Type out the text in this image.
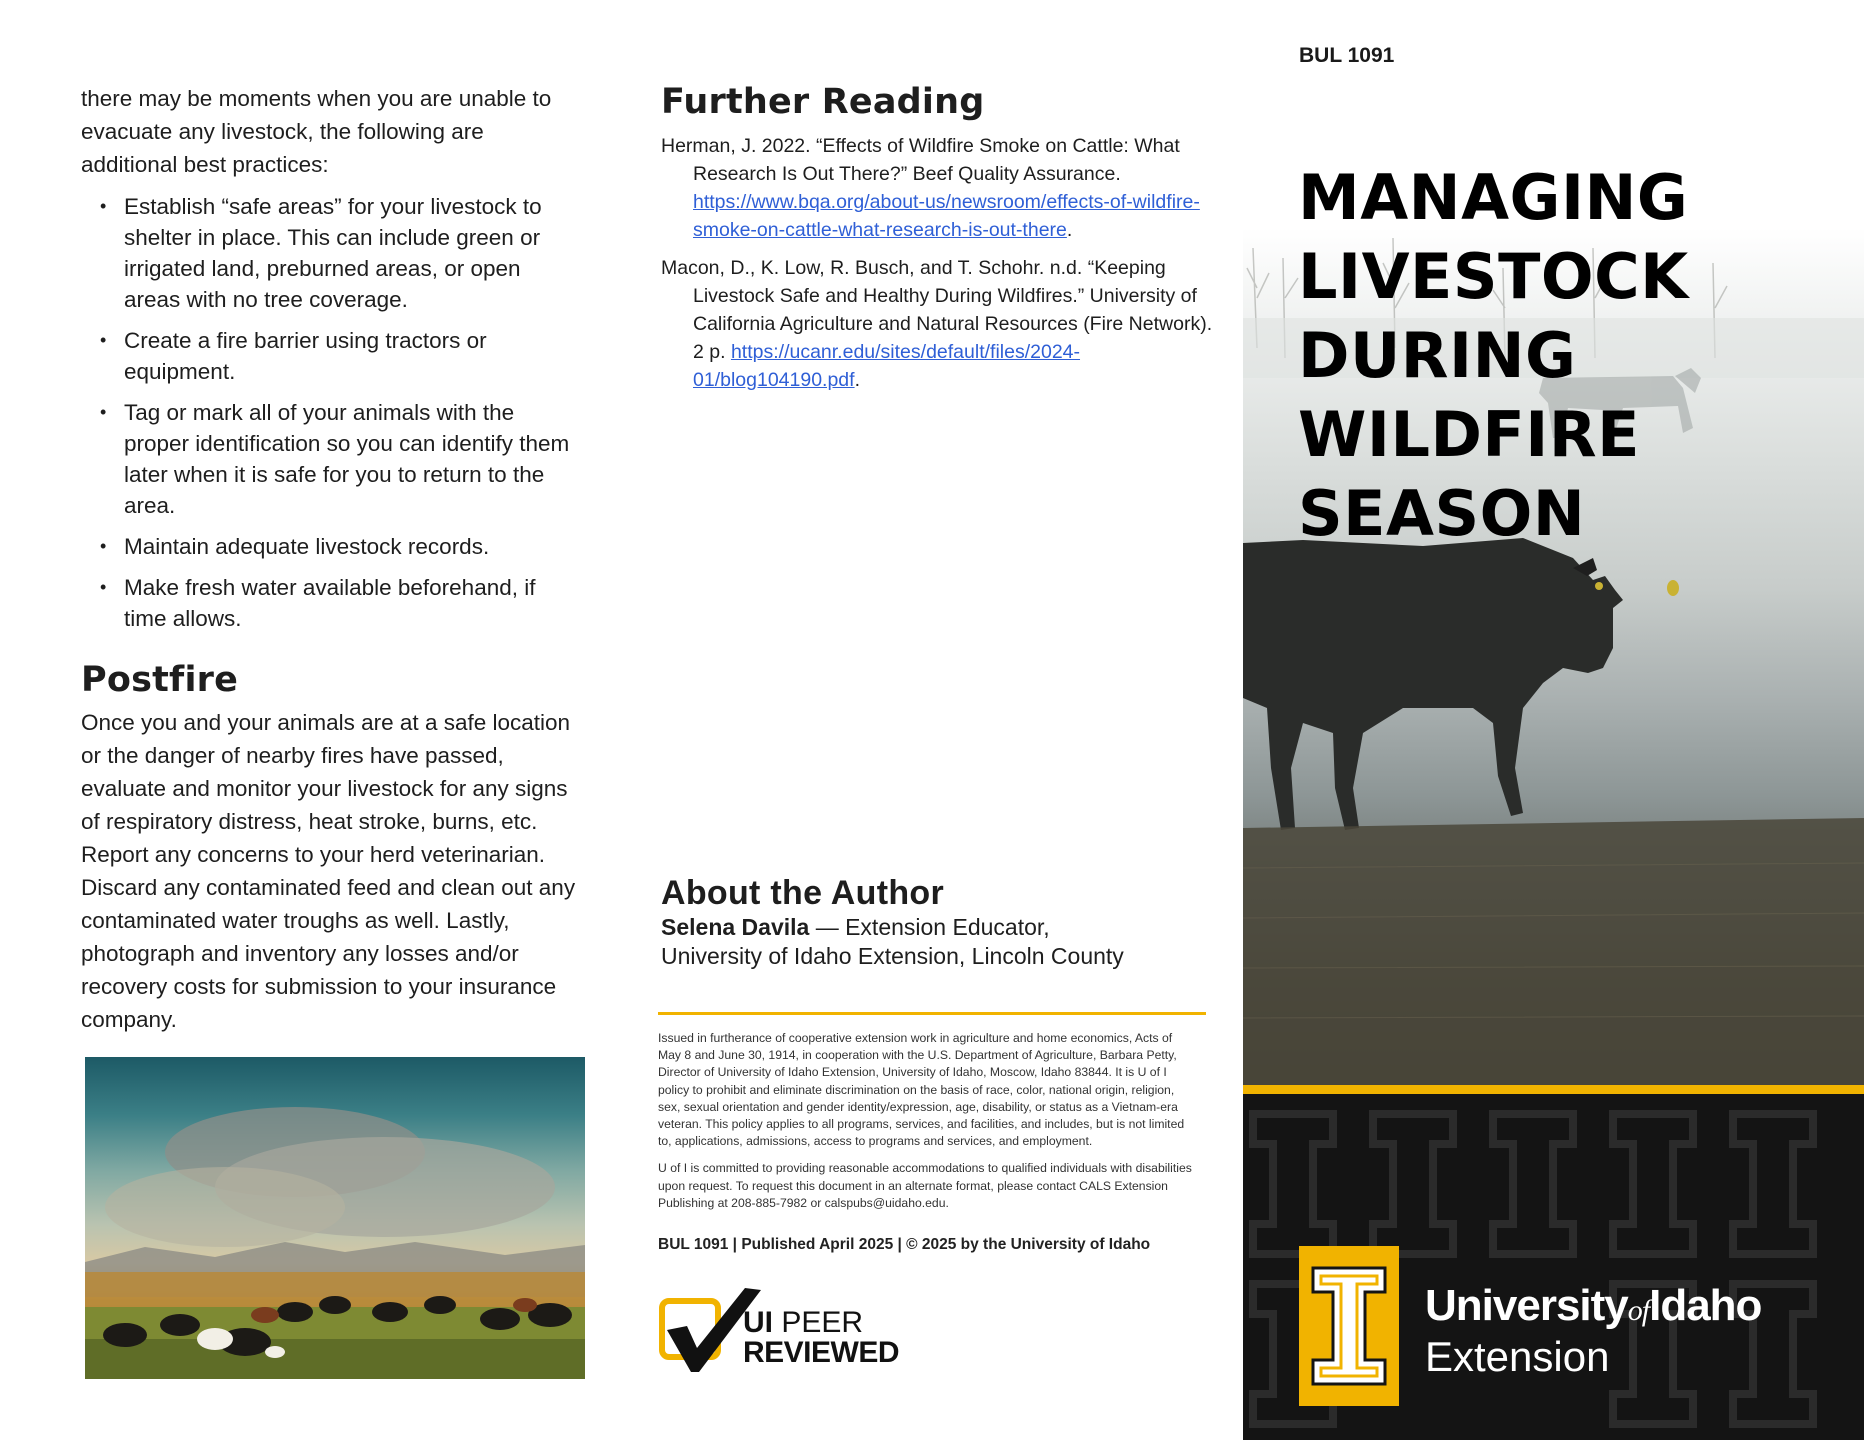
there may be moments when you are unable to evacuate any livestock, the following are additional best practices:

• Establish “safe areas” for your livestock to shelter in place. This can include green or irrigated land, preburned areas, or open areas with no tree coverage.
• Create a fire barrier using tractors or equipment.
• Tag or mark all of your animals with the proper identification so you can identify them later when it is safe for you to return to the area.
• Maintain adequate livestock records.
• Make fresh water available beforehand, if time allows.
Postfire

Once you and your animals are at a safe location or the danger of nearby fires have passed, evaluate and monitor your livestock for any signs of respiratory distress, heat stroke, burns, etc. Report any concerns to your herd veterinarian. Discard any contaminated feed and clean out any contaminated water troughs as well. Lastly, photograph and inventory any losses and/or recovery costs for submission to your insurance company.

Further Reading

Herman, J. 2022. “Effects of Wildfire Smoke on Cattle: What Research Is Out There?” Beef Quality Assurance. https://www.bqa.org/about-us/newsroom/effects-of-wildfire-smoke-on-cattle-what-research-is-out-there.

Macon, D., K. Low, R. Busch, and T. Schohr. n.d. “Keeping Livestock Safe and Healthy During Wildfires.” University of California Agriculture and Natural Resources (Fire Network). 2 p. https://ucanr.edu/sites/default/files/2024-01/blog104190.pdf.

About the Author

Selena Davila — Extension Educator,

University of Idaho Extension, Lincoln County

Issued in furtherance of cooperative extension work in agriculture and home economics, Acts of May 8 and June 30, 1914, in cooperation with the U.S. Department of Agriculture, Barbara Petty, Director of University of Idaho Extension, University of Idaho, Moscow, Idaho 83844. It is U of I policy to prohibit and eliminate discrimination on the basis of race, color, national origin, religion, sex, sexual orientation and gender identity/expression, age, disability, or status as a Vietnam-era veteran. This policy applies to all programs, services, and facilities, and includes, but is not limited to, applications, admissions, access to programs and services, and employment.

U of I is committed to providing reasonable accommodations to qualified individuals with disabilities upon request. To request this document in an alternate format, please contact CALS Extension Publishing at 208-885-7982 or calspubs@uidaho.edu.

BUL 1091 | Published April 2025 | © 2025 by the University of Idaho
UI PEER
REVIEWED
BUL 1091
MANAGING
LIVESTOCK
DURING
WILDFIRE
SEASON
UniversityofIdaho
Extension
